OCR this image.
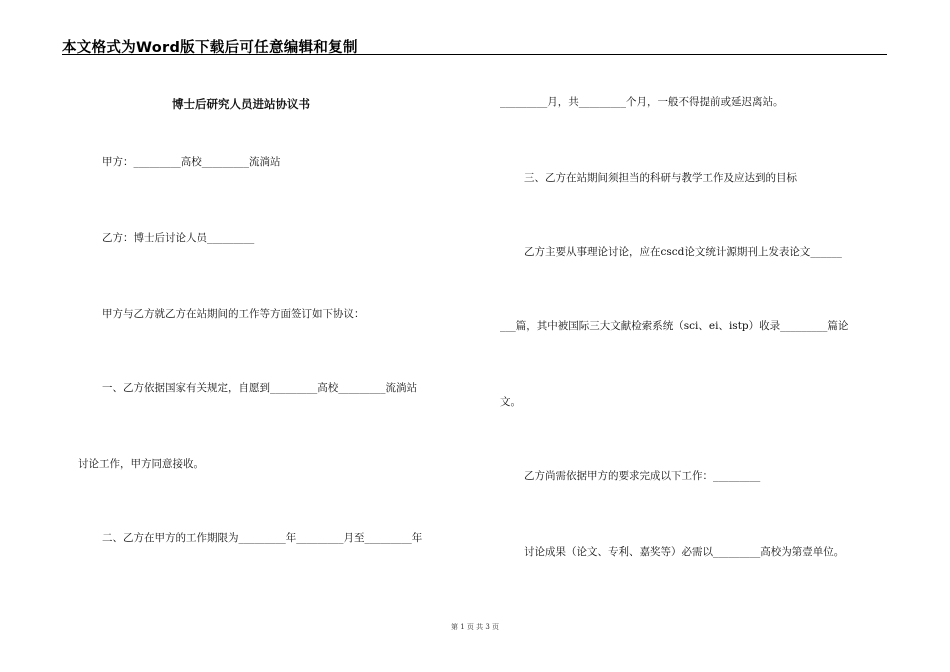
本文格式为Word版下载后可任意编辑和复制
博士后研究人员进站协议书
甲方：_________高校_________流淌站
乙方：博士后讨论人员_________
甲方与乙方就乙方在站期间的工作等方面签订如下协议：
一、乙方依据国家有关规定，自愿到_________高校_________流淌站
讨论工作，甲方同意接收。
二、乙方在甲方的工作期限为_________年_________月至_________年
_________月，共_________个月，一般不得提前或延迟离站。
三、乙方在站期间须担当的科研与教学工作及应达到的目标
乙方主要从事理论讨论，应在cscd论文统计源期刊上发表论文______
___篇，其中被国际三大文献检索系统（sci、ei、istp）收录_________篇论
文。
乙方尚需依据甲方的要求完成以下工作：_________
讨论成果（论文、专利、嘉奖等）必需以_________高校为第壹单位。
第 1 页 共 3 页
